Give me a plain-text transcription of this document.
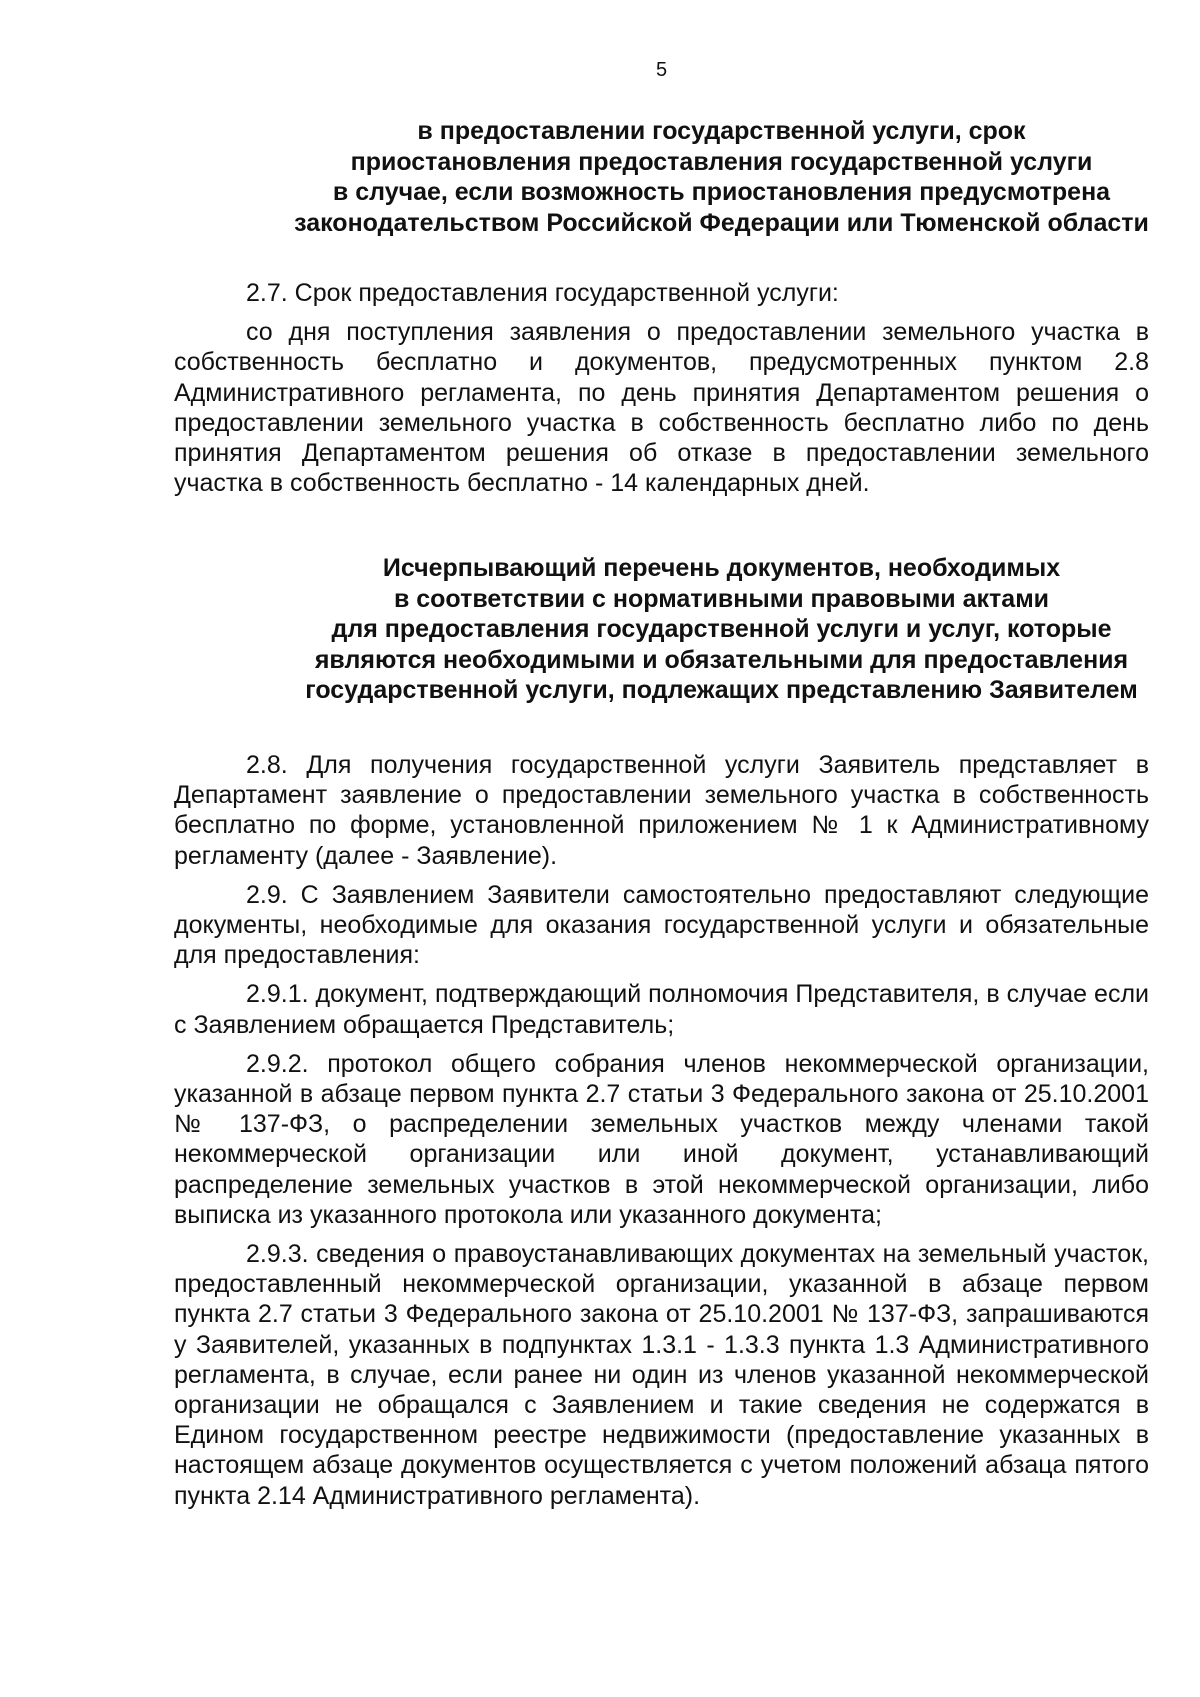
5
в предоставлении государственной услуги, срок
приостановления предоставления государственной услуги
в случае, если возможность приостановления предусмотрена
законодательством Российской Федерации или Тюменской области

2.7. Срок предоставления государственной услуги:

со дня поступления заявления о предоставлении земельного участка в собственность бесплатно и документов, предусмотренных пунктом 2.8 Административного регламента, по день принятия Департаментом решения о предоставлении земельного участка в собственность бесплатно либо по день принятия Департаментом решения об отказе в предоставлении земельного участка в собственность бесплатно - 14 календарных дней.

Исчерпывающий перечень документов, необходимых
в соответствии с нормативными правовыми актами
для предоставления государственной услуги и услуг, которые
являются необходимыми и обязательными для предоставления
государственной услуги, подлежащих представлению Заявителем

2.8. Для получения государственной услуги Заявитель представляет в Департамент заявление о предоставлении земельного участка в собственность бесплатно по форме, установленной приложением № 1 к Административному регламенту (далее - Заявление).

2.9. С Заявлением Заявители самостоятельно предоставляют следующие документы, необходимые для оказания государственной услуги и обязательные для предоставления:

2.9.1. документ, подтверждающий полномочия Представителя, в случае если с Заявлением обращается Представитель;

2.9.2. протокол общего собрания членов некоммерческой организации, указанной в абзаце первом пункта 2.7 статьи 3 Федерального закона от 25.10.2001 № 137-ФЗ, о распределении земельных участков между членами такой некоммерческой организации или иной документ, устанавливающий распределение земельных участков в этой некоммерческой организации, либо выписка из указанного протокола или указанного документа;

2.9.3. сведения о правоустанавливающих документах на земельный участок, предоставленный некоммерческой организации, указанной в абзаце первом пункта 2.7 статьи 3 Федерального закона от 25.10.2001 № 137-ФЗ, запрашиваются у Заявителей, указанных в подпунктах 1.3.1 - 1.3.3 пункта 1.3 Административного регламента, в случае, если ранее ни один из членов указанной некоммерческой организации не обращался с Заявлением и такие сведения не содержатся в Едином государственном реестре недвижимости (предоставление указанных в настоящем абзаце документов осуществляется с учетом положений абзаца пятого пункта 2.14 Административного регламента).
